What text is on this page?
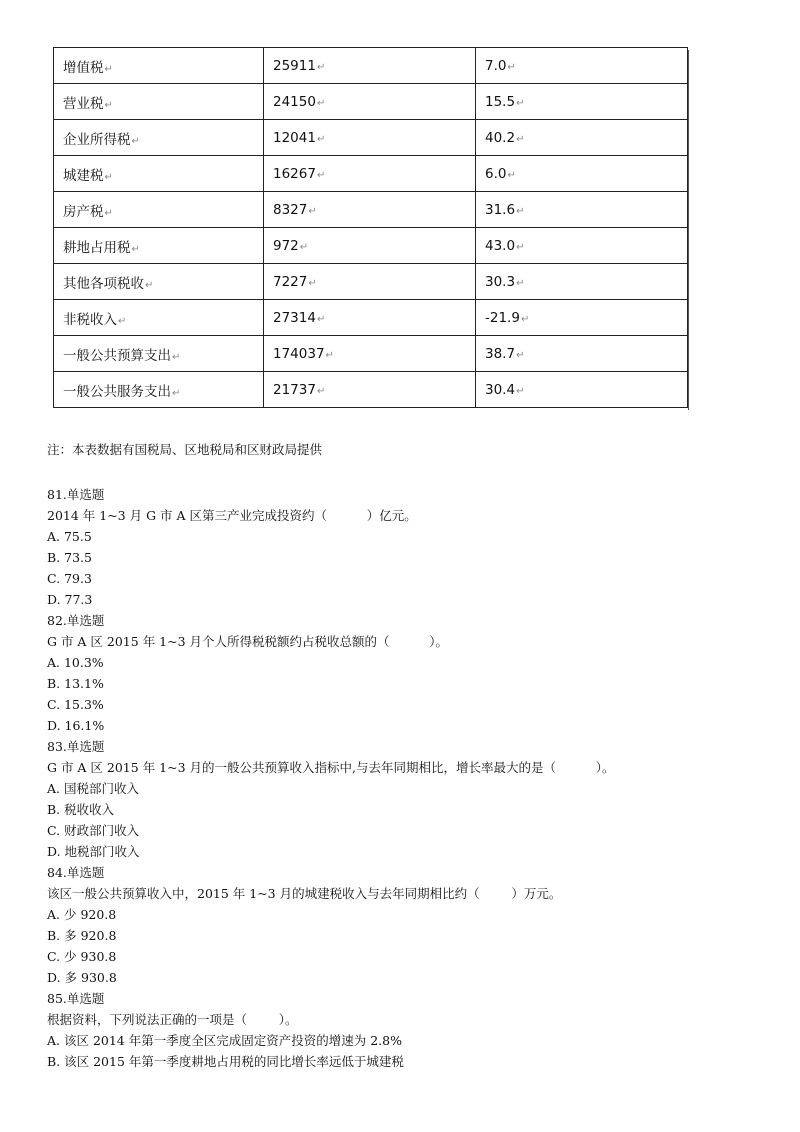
增值税↵	25911↵	7.0↵
营业税↵	24150↵	15.5↵
企业所得税↵	12041↵	40.2↵
城建税↵	16267↵	6.0↵
房产税↵	8327↵	31.6↵
耕地占用税↵	972↵	43.0↵
其他各项税收↵	7227↵	30.3↵
非税收入↵	27314↵	-21.9↵
一般公共预算支出↵	174037↵	38.7↵
一般公共服务支出↵	21737↵	30.4↵

注：本表数据有国税局、区地税局和区财政局提供

81.单选题
2014 年 1~3 月 G 市 A 区第三产业完成投资约（          ）亿元。
A. 75.5
B. 73.5
C. 79.3
D. 77.3
82.单选题
G 市 A 区 2015 年 1~3 月个人所得税税额约占税收总额的（          ）。
A. 10.3%
B. 13.1%
C. 15.3%
D. 16.1%
83.单选题
G 市 A 区 2015 年 1~3 月的一般公共预算收入指标中,与去年同期相比，增长率最大的是（          ）。
A. 国税部门收入
B. 税收收入
C. 财政部门收入
D. 地税部门收入
84.单选题
该区一般公共预算收入中，2015 年 1~3 月的城建税收入与去年同期相比约（        ）万元。
A. 少 920.8
B. 多 920.8
C. 少 930.8
D. 多 930.8
85.单选题
根据资料，下列说法正确的一项是（        ）。
A. 该区 2014 年第一季度全区完成固定资产投资的增速为 2.8%
B. 该区 2015 年第一季度耕地占用税的同比增长率远低于城建税
